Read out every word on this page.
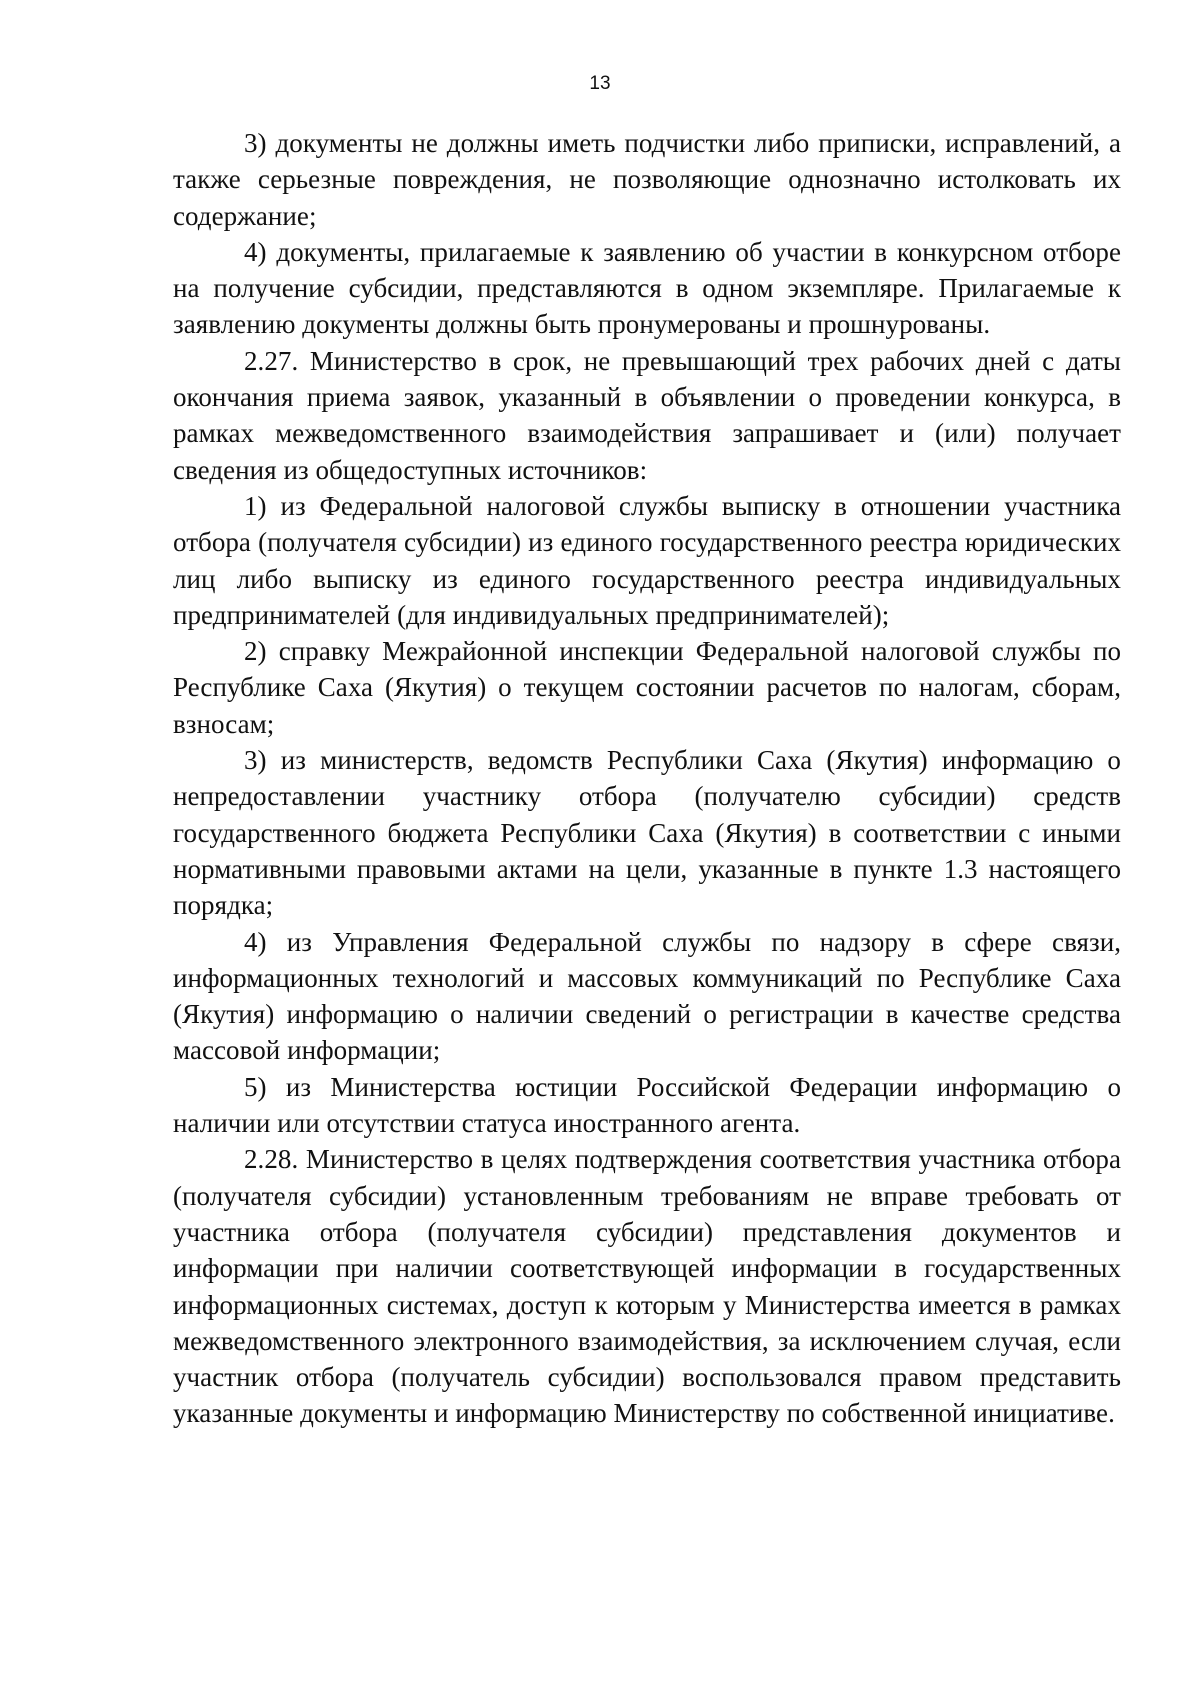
13

3) документы не должны иметь подчистки либо приписки, исправлений, а также серьезные повреждения, не позволяющие однозначно истолковать их содержание;

4) документы, прилагаемые к заявлению об участии в конкурсном отборе на получение субсидии, представляются в одном экземпляре. Прилагаемые к заявлению документы должны быть пронумерованы и прошнурованы.

2.27. Министерство в срок, не превышающий трех рабочих дней с даты окончания приема заявок, указанный в объявлении о проведении конкурса, в рамках межведомственного взаимодействия запрашивает и (или) получает сведения из общедоступных источников:

1) из Федеральной налоговой службы выписку в отношении участника отбора (получателя субсидии) из единого государственного реестра юридических лиц либо выписку из единого государственного реестра индивидуальных предпринимателей (для индивидуальных предпринимателей);

2) справку Межрайонной инспекции Федеральной налоговой службы по Республике Саха (Якутия) о текущем состоянии расчетов по налогам, сборам, взносам;

3) из министерств, ведомств Республики Саха (Якутия) информацию о непредоставлении участнику отбора (получателю субсидии) средств государственного бюджета Республики Саха (Якутия) в соответствии с иными нормативными правовыми актами на цели, указанные в пункте 1.3 настоящего порядка;

4) из Управления Федеральной службы по надзору в сфере связи, информационных технологий и массовых коммуникаций по Республике Саха (Якутия) информацию о наличии сведений о регистрации в качестве средства массовой информации;

5) из Министерства юстиции Российской Федерации информацию о наличии или отсутствии статуса иностранного агента.

2.28. Министерство в целях подтверждения соответствия участника отбора (получателя субсидии) установленным требованиям не вправе требовать от участника отбора (получателя субсидии) представления документов и информации при наличии соответствующей информации в государственных информационных системах, доступ к которым у Министерства имеется в рамках межведомственного электронного взаимодействия, за исключением случая, если участник отбора (получатель субсидии) воспользовался правом представить указанные документы и информацию Министерству по собственной инициативе.
